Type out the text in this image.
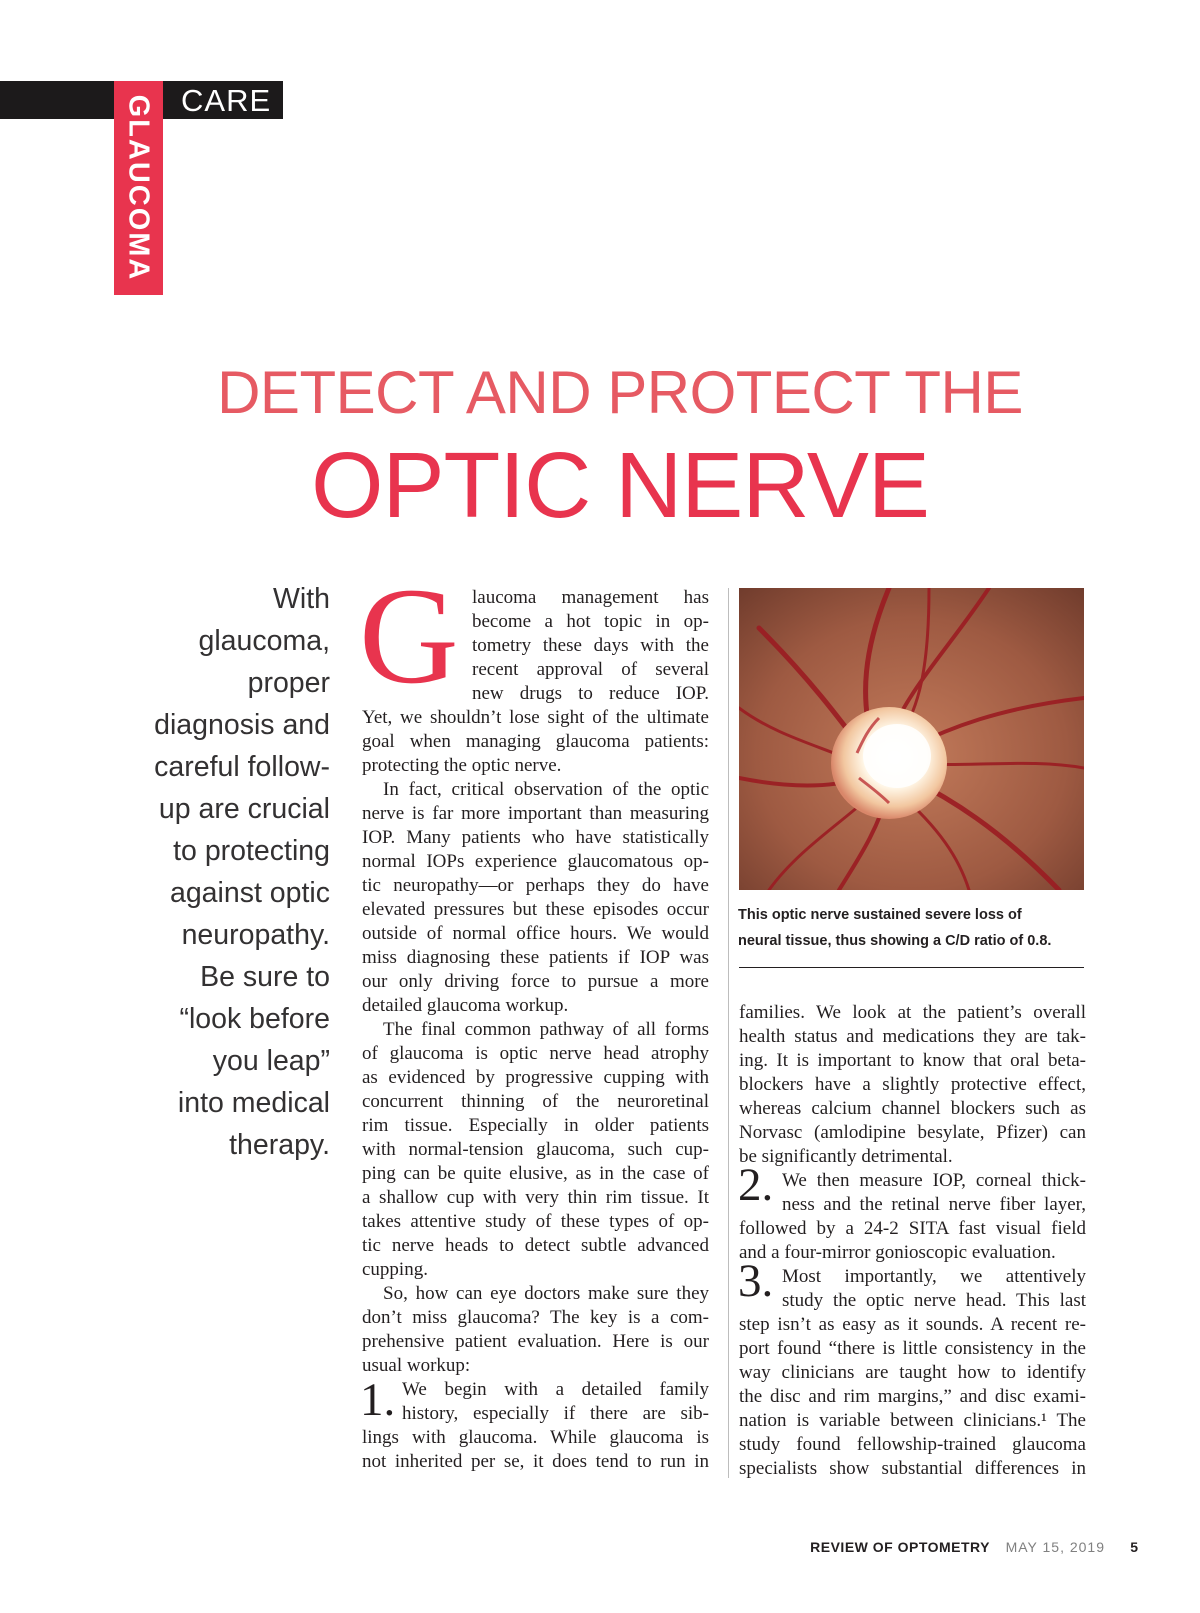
GLAUCOMA CARE
DETECT AND PROTECT THE
OPTIC NERVE
With
glaucoma,
proper
diagnosis and
careful follow-
up are crucial
to protecting
against optic
neuropathy.
Be sure to
“look before
you leap”
into medical
therapy.
G laucoma management has
become a hot topic in op-
tometry these days with the
recent approval of several
new drugs to reduce IOP.
Yet, we shouldn’t lose sight of the ultimate
goal when managing glaucoma patients:
protecting the optic nerve.
In fact, critical observation of the optic
nerve is far more important than measuring
IOP. Many patients who have statistically
normal IOPs experience glaucomatous op-
tic neuropathy—or perhaps they do have
elevated pressures but these episodes occur
outside of normal office hours. We would
miss diagnosing these patients if IOP was
our only driving force to pursue a more
detailed glaucoma workup.
The final common pathway of all forms
of glaucoma is optic nerve head atrophy
as evidenced by progressive cupping with
concurrent thinning of the neuroretinal
rim tissue. Especially in older patients
with normal-tension glaucoma, such cup-
ping can be quite elusive, as in the case of
a shallow cup with very thin rim tissue. It
takes attentive study of these types of op-
tic nerve heads to detect subtle advanced
cupping.
So, how can eye doctors make sure they
don’t miss glaucoma? The key is a com-
prehensive patient evaluation. Here is our
usual workup:
We begin with a detailed family
history, especially if there are sib-
lings with glaucoma. While glaucoma is
not inherited per se, it does tend to run in
1.
This optic nerve sustained severe loss of
neural tissue, thus showing a C/D ratio of 0.8.
families. We look at the patient’s overall
health status and medications they are tak-
ing. It is important to know that oral beta-
blockers have a slightly protective effect,
whereas calcium channel blockers such as
Norvasc (amlodipine besylate, Pfizer) can
be significantly detrimental.
We then measure IOP, corneal thick-
ness and the retinal nerve fiber layer,
followed by a 24-2 SITA fast visual field
and a four-mirror gonioscopic evaluation.
Most importantly, we attentively
study the optic nerve head. This last
step isn’t as easy as it sounds. A recent re-
port found “there is little consistency in the
way clinicians are taught how to identify
the disc and rim margins,” and disc exami-
nation is variable between clinicians.¹ The
study found fellowship-trained glaucoma
specialists show substantial differences in
2.
3.
REVIEW OF OPTOMETRY MAY 15, 2019 5
